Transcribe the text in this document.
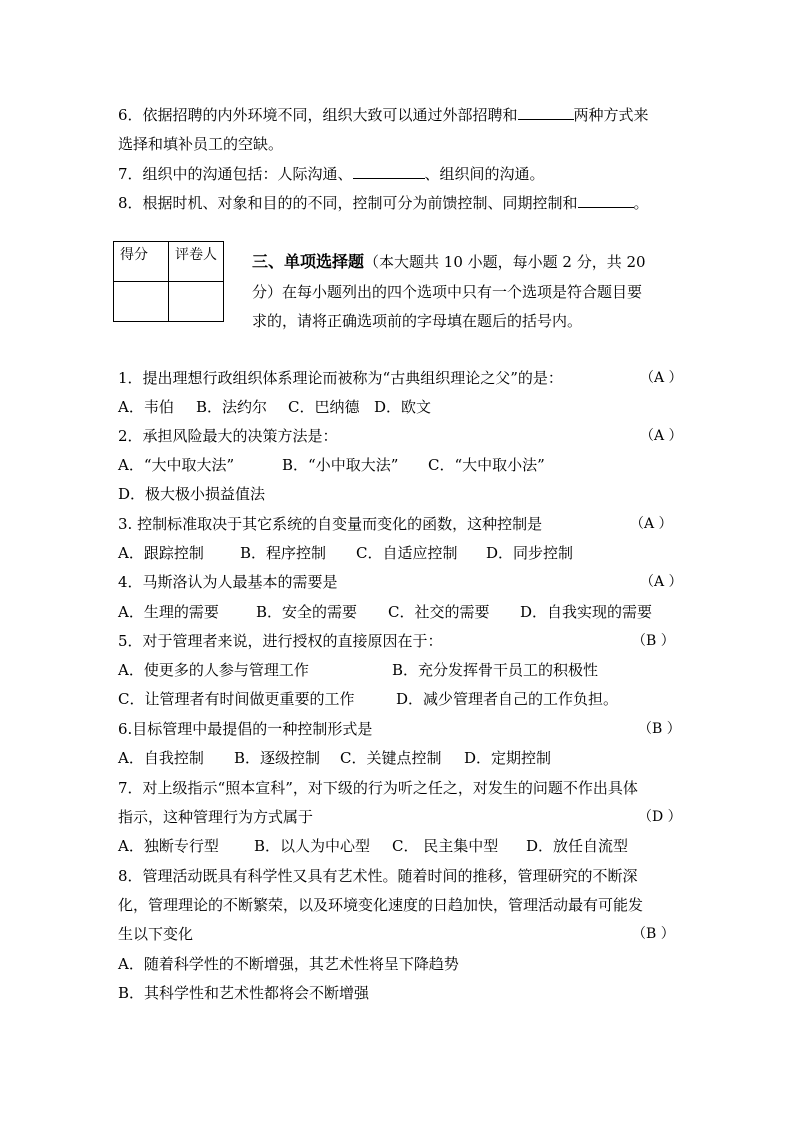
6．依据招聘的内外环境不同，组织大致可以通过外部招聘和	两种方式来
选择和填补员工的空缺。
7．组织中的沟通包括：人际沟通、	、组织间的沟通。
8．根据时机、对象和目的的不同，控制可分为前馈控制、同期控制和	。
得分	评卷人
	三、单项选择题（本大题共 10 小题，每小题 2 分，共 20
分）在每小题列出的四个选项中只有一个选项是符合题目要
求的，请将正确选项前的字母填在题后的括号内。
1．提出理想行政组织体系理论而被称为“古典组织理论之父”的是：	（A ）
A．韦伯 B．法约尔 C．巴纳德 D．欧文
2．承担风险最大的决策方法是：	（A ）
A．“大中取大法”	B．“小中取大法” C．“大中取小法”
D．极大极小损益值法
3. 控制标准取决于其它系统的自变量而变化的函数，这种控制是	（A ）
A．跟踪控制 B．程序控制 C．自适应控制 D．同步控制
4．马斯洛认为人最基本的需要是	（A ）
A．生理的需要 B．安全的需要 C．社交的需要 D．自我实现的需要
5．对于管理者来说，进行授权的直接原因在于：	（B ）
A．使更多的人参与管理工作	B．充分发挥骨干员工的积极性
C．让管理者有时间做更重要的工作	D．减少管理者自己的工作负担。
6.目标管理中最提倡的一种控制形式是	（B ）
A．自我控制 B．逐级控制 C．关键点控制 D．定期控制
7．对上级指示“照本宣科”，对下级的行为听之任之，对发生的问题不作出具体
指示，这种管理行为方式属于	（D ）
A．独断专行型 B．以人为中心型 C． 民主集中型 D．放任自流型
8．管理活动既具有科学性又具有艺术性。随着时间的推移，管理研究的不断深
化，管理理论的不断繁荣，以及环境变化速度的日趋加快，管理活动最有可能发
生以下变化	（B ）
A．随着科学性的不断增强，其艺术性将呈下降趋势
B．其科学性和艺术性都将会不断增强
